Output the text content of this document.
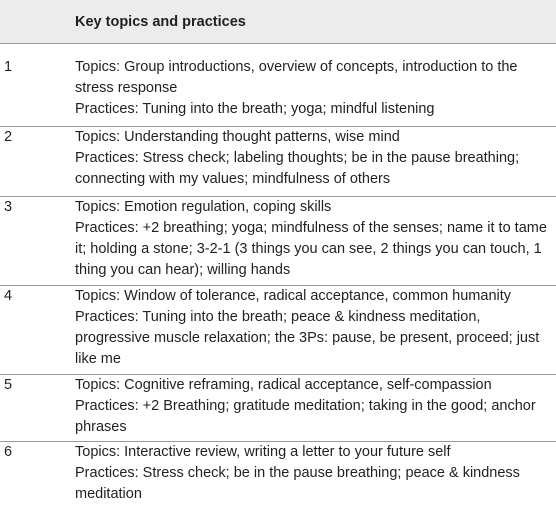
Key topics and practices
1	Topics: Group introductions, overview of concepts, introduction to the stress response
Practices: Tuning into the breath; yoga; mindful listening
2	Topics: Understanding thought patterns, wise mind
Practices: Stress check; labeling thoughts; be in the pause breathing; connecting with my values; mindfulness of others
3	Topics: Emotion regulation, coping skills
Practices: +2 breathing; yoga; mindfulness of the senses; name it to tame it; holding a stone; 3-2-1 (3 things you can see, 2 things you can touch, 1 thing you can hear); willing hands
4	Topics: Window of tolerance, radical acceptance, common humanity
Practices: Tuning into the breath; peace & kindness meditation, progressive muscle relaxation; the 3Ps: pause, be present, proceed; just like me
5	Topics: Cognitive reframing, radical acceptance, self-compassion
Practices: +2 Breathing; gratitude meditation; taking in the good; anchor phrases
6	Topics: Interactive review, writing a letter to your future self
Practices: Stress check; be in the pause breathing; peace & kindness meditation
